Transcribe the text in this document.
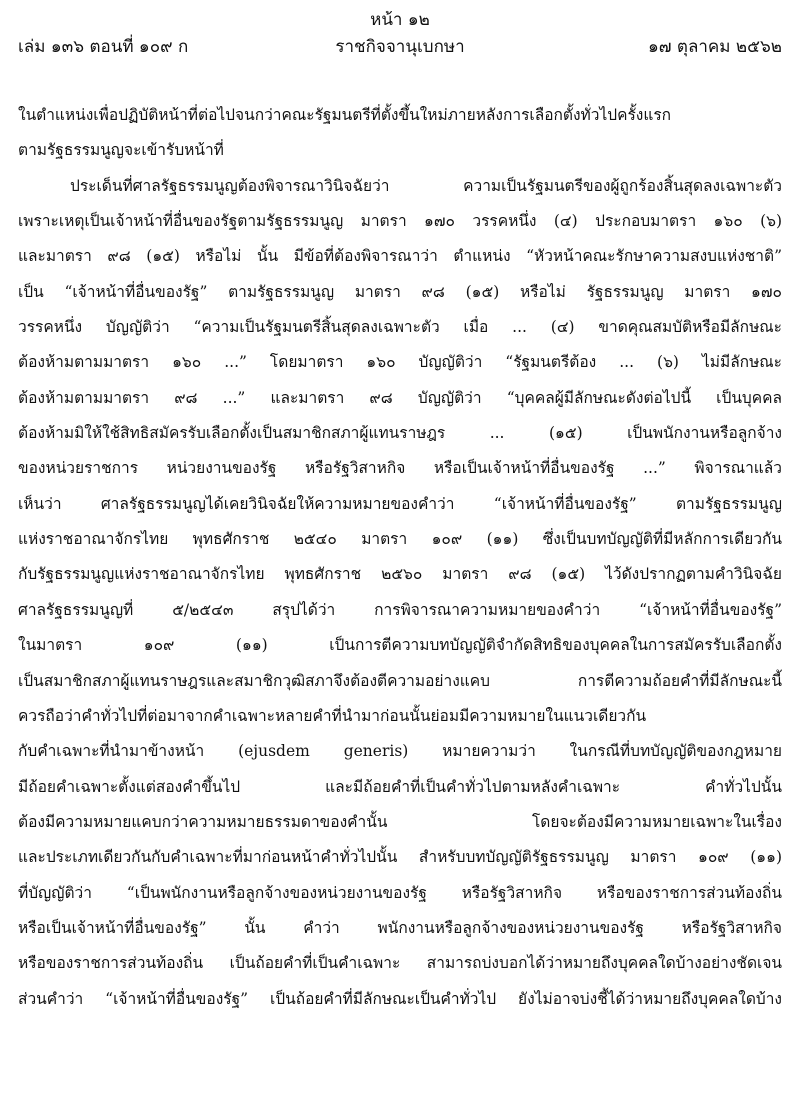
หน้า ๑๒
เล่ม ๑๓๖ ตอนที่ ๑๐๙ ก	ราชกิจจานุเบกษา	๑๗ ตุลาคม ๒๕๖๒
ในตำแหน่งเพื่อปฏิบัติหน้าที่ต่อไปจนกว่าคณะรัฐมนตรีที่ตั้งขึ้นใหม่ภายหลังการเลือกตั้งทั่วไปครั้งแรก
ตามรัฐธรรมนูญจะเข้ารับหน้าที่
ประเด็นที่ศาลรัฐธรรมนูญต้องพิจารณาวินิจฉัยว่า ความเป็นรัฐมนตรีของผู้ถูกร้องสิ้นสุดลงเฉพาะตัว
เพราะเหตุเป็นเจ้าหน้าที่อื่นของรัฐตามรัฐธรรมนูญ มาตรา ๑๗๐ วรรคหนึ่ง (๔) ประกอบมาตรา ๑๖๐ (๖)
และมาตรา ๙๘ (๑๕) หรือไม่ นั้น มีข้อที่ต้องพิจารณาว่า ตำแหน่ง “หัวหน้าคณะรักษาความสงบแห่งชาติ”
เป็น “เจ้าหน้าที่อื่นของรัฐ” ตามรัฐธรรมนูญ มาตรา ๙๘ (๑๕) หรือไม่ รัฐธรรมนูญ มาตรา ๑๗๐
วรรคหนึ่ง บัญญัติว่า “ความเป็นรัฐมนตรีสิ้นสุดลงเฉพาะตัว เมื่อ ... (๔) ขาดคุณสมบัติหรือมีลักษณะ
ต้องห้ามตามมาตรา ๑๖๐ ...” โดยมาตรา ๑๖๐ บัญญัติว่า “รัฐมนตรีต้อง ... (๖) ไม่มีลักษณะ
ต้องห้ามตามมาตรา ๙๘ ...” และมาตรา ๙๘ บัญญัติว่า “บุคคลผู้มีลักษณะดังต่อไปนี้ เป็นบุคคล
ต้องห้ามมิให้ใช้สิทธิสมัครรับเลือกตั้งเป็นสมาชิกสภาผู้แทนราษฎร ... (๑๕) เป็นพนักงานหรือลูกจ้าง
ของหน่วยราชการ หน่วยงานของรัฐ หรือรัฐวิสาหกิจ หรือเป็นเจ้าหน้าที่อื่นของรัฐ ...” พิจารณาแล้ว
เห็นว่า ศาลรัฐธรรมนูญได้เคยวินิจฉัยให้ความหมายของคำว่า “เจ้าหน้าที่อื่นของรัฐ” ตามรัฐธรรมนูญ
แห่งราชอาณาจักรไทย พุทธศักราช ๒๕๔๐ มาตรา ๑๐๙ (๑๑) ซึ่งเป็นบทบัญญัติที่มีหลักการเดียวกัน
กับรัฐธรรมนูญแห่งราชอาณาจักรไทย พุทธศักราช ๒๕๖๐ มาตรา ๙๘ (๑๕) ไว้ดังปรากฏตามคำวินิจฉัย
ศาลรัฐธรรมนูญที่ ๕/๒๕๔๓ สรุปได้ว่า การพิจารณาความหมายของคำว่า “เจ้าหน้าที่อื่นของรัฐ”
ในมาตรา ๑๐๙ (๑๑) เป็นการตีความบทบัญญัติจำกัดสิทธิของบุคคลในการสมัครรับเลือกตั้ง
เป็นสมาชิกสภาผู้แทนราษฎรและสมาชิกวุฒิสภาจึงต้องตีความอย่างแคบ การตีความถ้อยคำที่มีลักษณะนี้
ควรถือว่าคำทั่วไปที่ต่อมาจากคำเฉพาะหลายคำที่นำมาก่อนนั้นย่อมมีความหมายในแนวเดียวกัน
กับคำเฉพาะที่นำมาข้างหน้า (ejusdem generis) หมายความว่า ในกรณีที่บทบัญญัติของกฎหมาย
มีถ้อยคำเฉพาะตั้งแต่สองคำขึ้นไป และมีถ้อยคำที่เป็นคำทั่วไปตามหลังคำเฉพาะ คำทั่วไปนั้น
ต้องมีความหมายแคบกว่าความหมายธรรมดาของคำนั้น โดยจะต้องมีความหมายเฉพาะในเรื่อง
และประเภทเดียวกันกับคำเฉพาะที่มาก่อนหน้าคำทั่วไปนั้น สำหรับบทบัญญัติรัฐธรรมนูญ มาตรา ๑๐๙ (๑๑)
ที่บัญญัติว่า “เป็นพนักงานหรือลูกจ้างของหน่วยงานของรัฐ หรือรัฐวิสาหกิจ หรือของราชการส่วนท้องถิ่น
หรือเป็นเจ้าหน้าที่อื่นของรัฐ” นั้น คำว่า พนักงานหรือลูกจ้างของหน่วยงานของรัฐ หรือรัฐวิสาหกิจ
หรือของราชการส่วนท้องถิ่น เป็นถ้อยคำที่เป็นคำเฉพาะ สามารถบ่งบอกได้ว่าหมายถึงบุคคลใดบ้างอย่างชัดเจน
ส่วนคำว่า “เจ้าหน้าที่อื่นของรัฐ” เป็นถ้อยคำที่มีลักษณะเป็นคำทั่วไป ยังไม่อาจบ่งชี้ได้ว่าหมายถึงบุคคลใดบ้าง
